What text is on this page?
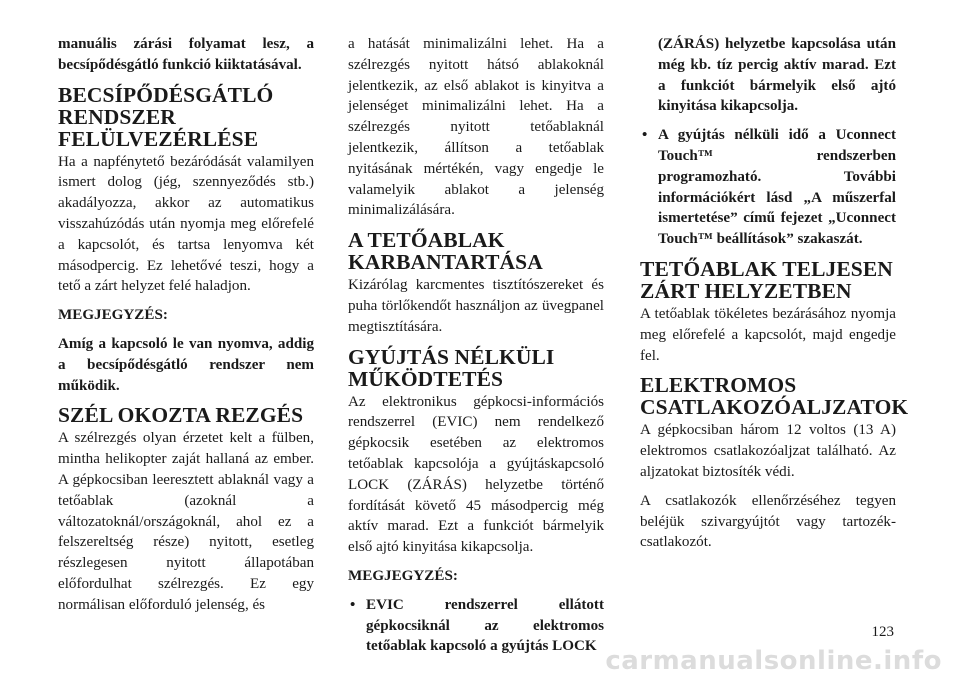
manuális zárási folyamat lesz, a becsípődésgátló funkció kiiktatásával.

BECSÍPŐDÉSGÁTLÓ RENDSZER FELÜLVEZÉRLÉSE

Ha a napfénytető bezáródását valamilyen ismert dolog (jég, szennyeződés stb.) akadályozza, akkor az automatikus visszahúzódás után nyomja meg előrefelé a kapcsolót, és tartsa lenyomva két másodpercig. Ez lehetővé teszi, hogy a tető a zárt helyzet felé haladjon.

MEGJEGYZÉS:

Amíg a kapcsoló le van nyomva, addig a becsípődésgátló rendszer nem működik.

SZÉL OKOZTA REZGÉS

A szélrezgés olyan érzetet kelt a fülben, mintha helikopter zaját hallaná az ember. A gépkocsiban leeresztett ablaknál vagy a tetőablak (azoknál a változatoknál/országoknál, ahol ez a felszereltség része) nyitott, esetleg részlegesen nyitott állapotában előfordulhat szélrezgés. Ez egy normálisan előforduló jelenség, és

a hatását minimalizálni lehet. Ha a szélrezgés nyitott hátsó ablakoknál jelentkezik, az első ablakot is kinyitva a jelenséget minimalizálni lehet. Ha a szélrezgés nyitott tetőablaknál jelentkezik, állítson a tetőablak nyitásának mértékén, vagy engedje le valamelyik ablakot a jelenség minimalizálására.

A TETŐABLAK KARBANTARTÁSA

Kizárólag karcmentes tisztítószereket és puha törlőkendőt használjon az üvegpanel megtisztítására.

GYÚJTÁS NÉLKÜLI MŰKÖDTETÉS

Az elektronikus gépkocsi-információs rendszerrel (EVIC) nem rendelkező gépkocsik esetében az elektromos tetőablak kapcsolója a gyújtáskapcsoló LOCK (ZÁRÁS) helyzetbe történő fordítását követő 45 másodpercig még aktív marad. Ezt a funkciót bármelyik első ajtó kinyitása kikapcsolja.

MEGJEGYZÉS:

• EVIC rendszerrel ellátott gépkocsiknál az elektromos tetőablak kapcsoló a gyújtás LOCK
(ZÁRÁS) helyzetbe kapcsolása után még kb. tíz percig aktív marad. Ezt a funkciót bármelyik első ajtó kinyitása kikapcsolja.
• A gyújtás nélküli idő a Uconnect Touch™ rendszerben programozható. További információkért lásd „A műszerfal ismertetése” című fejezet „Uconnect Touch™ beállítások” szakaszát.
TETŐABLAK TELJESEN ZÁRT HELYZETBEN

A tetőablak tökéletes bezárásához nyomja meg előrefelé a kapcsolót, majd engedje fel.

ELEKTROMOS CSATLAKOZÓALJZATOK

A gépkocsiban három 12 voltos (13 A) elektromos csatlakozóaljzat található. Az aljzatokat biztosíték védi.

A csatlakozók ellenőrzéséhez tegyen beléjük szivargyújtót vagy tartozék-csatlakozót.

123
carmanualsonline.info
